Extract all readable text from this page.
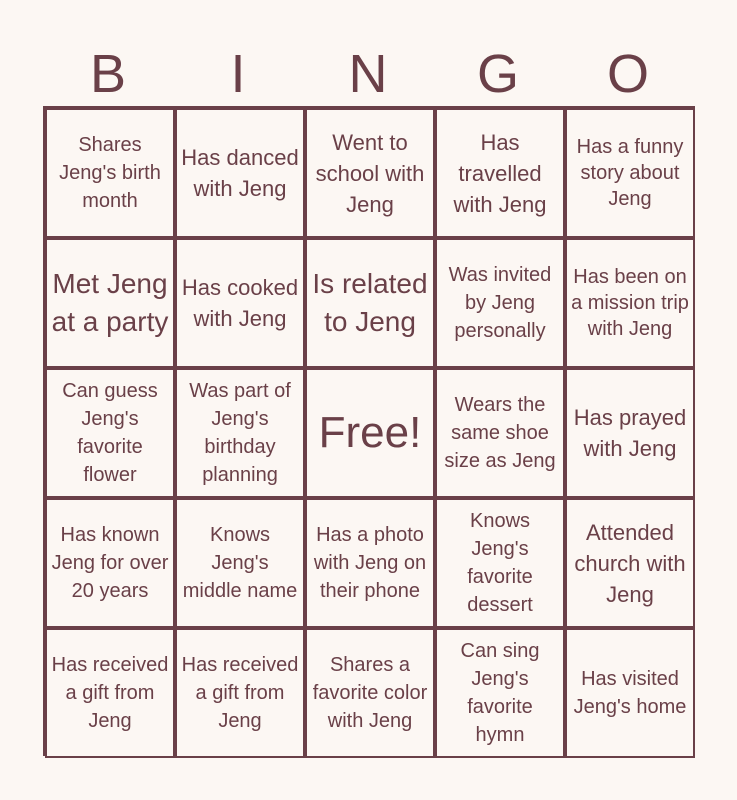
B	I	N	G	O
Shares Jeng's birth month
Has danced with Jeng
Went to school with Jeng
Has travelled with Jeng
Has a funny story about Jeng
Met Jeng at a party
Has cooked with Jeng
Is related to Jeng
Was invited by Jeng personally
Has been on a mission trip with Jeng
Can guess Jeng's favorite flower
Was part of Jeng's birthday planning
Free!
Wears the same shoe size as Jeng
Has prayed with Jeng
Has known Jeng for over 20 years
Knows Jeng's middle name
Has a photo with Jeng on their phone
Knows Jeng's favorite dessert
Attended church with Jeng
Has received a gift from Jeng
Has received a gift from Jeng
Shares a favorite color with Jeng
Can sing Jeng's favorite hymn
Has visited Jeng's home
